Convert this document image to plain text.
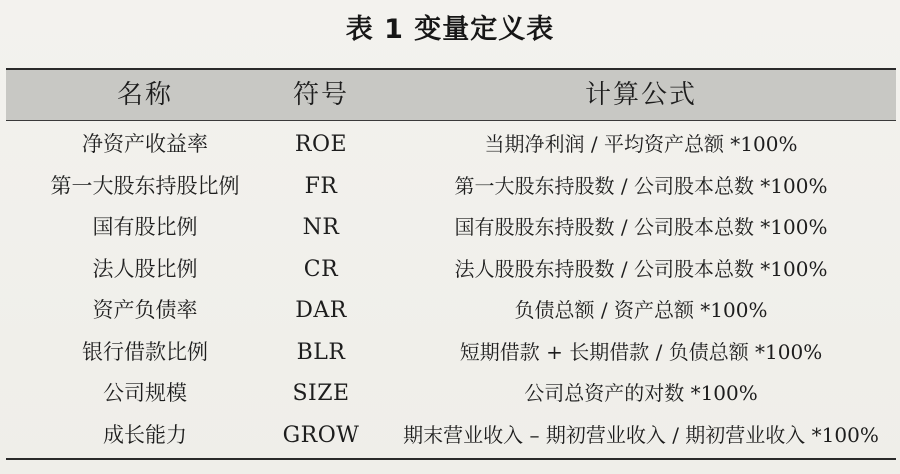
表 1 变量定义表
名称	符号	计算公式
净资产收益率	ROE	当期净利润 / 平均资产总额 *100%
第一大股东持股比例	FR	第一大股东持股数 / 公司股本总数 *100%
国有股比例	NR	国有股股东持股数 / 公司股本总数 *100%
法人股比例	CR	法人股股东持股数 / 公司股本总数 *100%
资产负债率	DAR	负债总额 / 资产总额 *100%
银行借款比例	BLR	短期借款 + 长期借款 / 负债总额 *100%
公司规模	SIZE	公司总资产的对数 *100%
成长能力	GROW	期末营业收入 – 期初营业收入 / 期初营业收入 *100%
